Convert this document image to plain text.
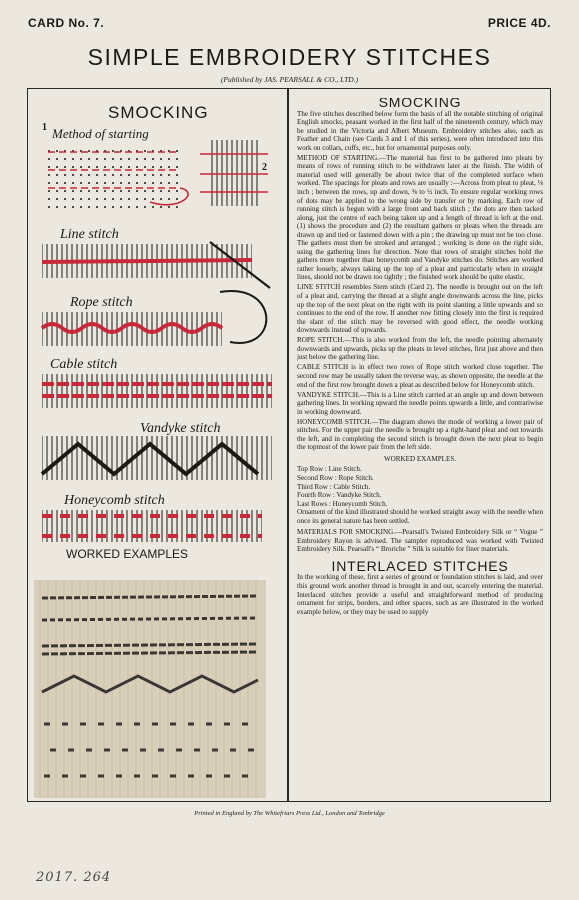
CARD No. 7.	PRICE 4D.
SIMPLE EMBROIDERY STITCHES
(Published by JAS. PEARSALL & CO., LTD.)
SMOCKING
1 Method of starting
2
Line stitch
Rope stitch
Cable stitch
Vandyke stitch
Honeycomb stitch
WORKED EXAMPLES
SMOCKING

The five stitches described below form the basis of all the notable stitching of original English smocks, peasant worked in the first half of the nineteenth century, which may be studied in the Victoria and Albert Museum. Embroidery stitches also, such as Feather and Chain (see Cards 3 and 1 of this series), were often introduced into this work on collars, cuffs, etc., but for ornamental purposes only.

METHOD OF STARTING.—The material has first to be gathered into pleats by means of rows of running stitch to be withdrawn later at the finish. The width of material used will generally be about twice that of the completed surface when worked. The spacings for pleats and rows are usually :—Across from pleat to pleat, ⅛ inch ; between the rows, up and down, ⅜ to ½ inch. To ensure regular working rows of dots may be applied to the wrong side by transfer or by marking. Each row of running stitch is begun with a large front and back stitch ; the dots are then tacked along, just the centre of each being taken up and a length of thread is left at the end. (1) shows the procedure and (2) the resultant gathers or pleats when the threads are drawn up and tied or fastened down with a pin ; the drawing up must not be too close. The gathers must then be stroked and arranged ; working is done on the right side, using the gathering lines for direction. Note that rows of straight stitches hold the gathers more together than honeycomb and Vandyke stitches do. Stitches are worked rather loosely, always taking up the top of a pleat and particularly when in straight lines, should not be drawn too tightly ; the finished work should be quite elastic.

LINE STITCH resembles Stem stitch (Card 2). The needle is brought out on the left of a pleat and, carrying the thread at a slight angle downwards across the line, picks up the top of the next pleat on the right with its point slanting a little upwards and so continues to the end of the row. If another row fitting closely into the first is required the slant of the stitch may be reversed with good effect, the needle working downwards instead of upwards.

ROPE STITCH.—This is also worked from the left, the needle pointing alternately downwards and upwards, picks up the pleats in level stitches, first just above and then just below the gathering line.

CABLE STITCH is in effect two rows of Rope stitch worked close together. The second row may be usually taken the reverse way, as shown opposite, the needle at the end of the first row brought down a pleat as described below for Honeycomb stitch.

VANDYKE STITCH.—This is a Line stitch carried at an angle up and down between gathering lines. In working upward the needle points upwards a little, and contrariwise in working downward.

HONEYCOMB STITCH.—The diagram shows the mode of working a lower pair of stitches. For the upper pair the needle is brought up a right-hand pleat and out towards the left, and in completing the second stitch is brought down the next pleat to begin the topmost of the lower pair from the left side.

WORKED EXAMPLES.
Top Row : Line Stitch.
Second Row : Rope Stitch.
Third Row : Cable Stitch.
Fourth Row : Vandyke Stitch.
Last Rows : Honeycomb Stitch.

Ornament of the kind illustrated should be worked straight away with the needle when once its general nature has been settled.

MATERIALS FOR SMOCKING.—Pearsall's Twisted Embroidery Silk or “ Vogue ” Embroidery Rayon is advised. The sampler reproduced was worked with Twisted Embroidery Silk. Pearsall's “ Broriche ” Silk is suitable for finer materials.

INTERLACED STITCHES

In the working of these, first a series of ground or foundation stitches is laid, and over this ground work another thread is brought in and out, scarcely entering the material. Interlaced stitches provide a useful and straightforward method of producing ornament for strips, borders, and other spaces, such as are illustrated in the worked example below, or they may be used to supply

Printed in England by The Whitefriars Press Ltd., London and Tonbridge
2017. 264
